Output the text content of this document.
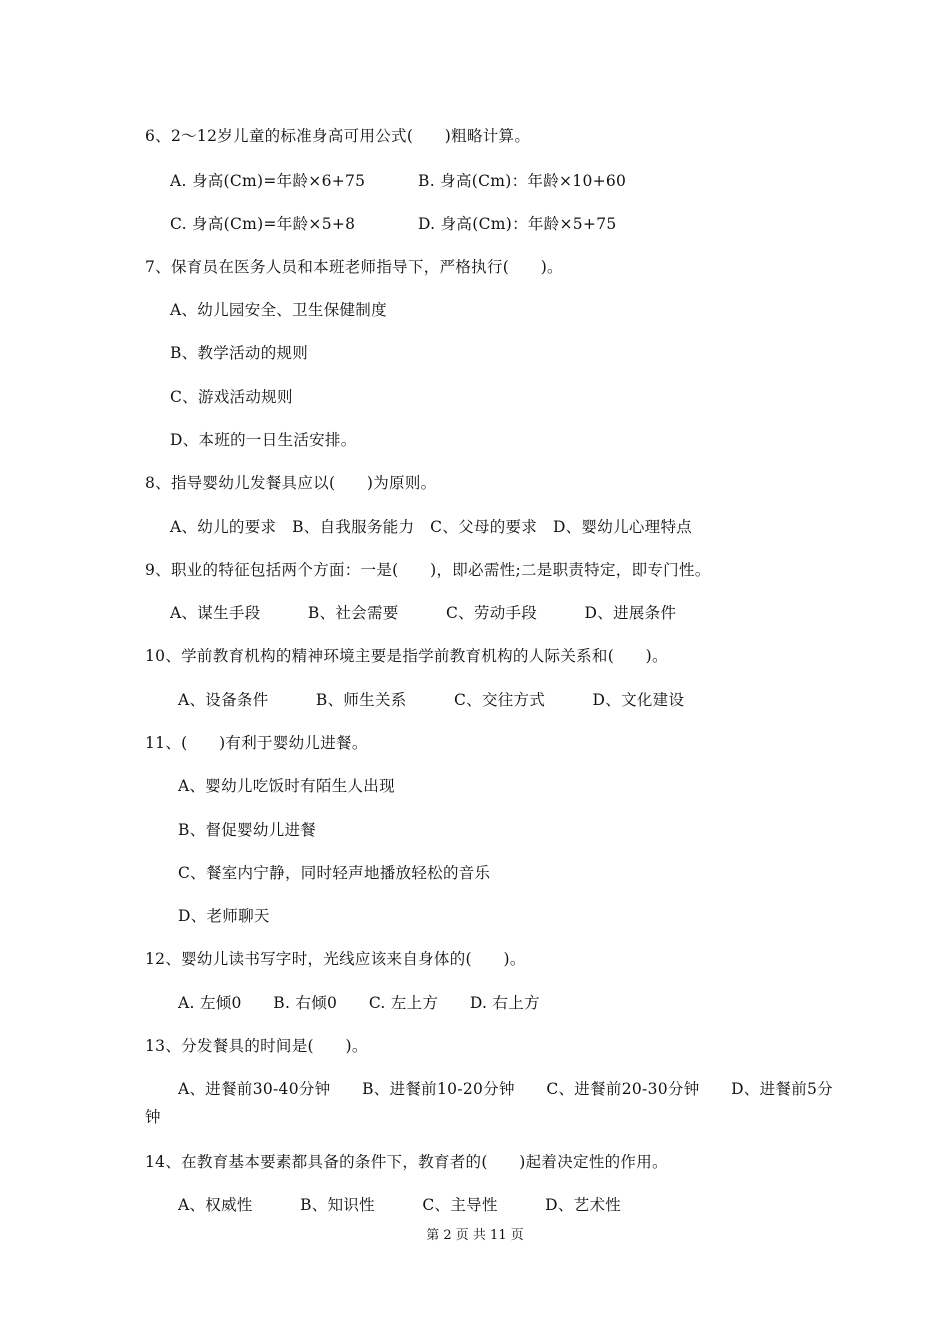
6、2～12岁儿童的标准身高可用公式(　　)粗略计算。
A. 身高(Cm)=年龄×6+75	B. 身高(Cm)：年龄×10+60
C. 身高(Cm)=年龄×5+8	D. 身高(Cm)：年龄×5+75
7、保育员在医务人员和本班老师指导下，严格执行(　　)。
A、幼儿园安全、卫生保健制度
B、教学活动的规则
C、游戏活动规则
D、本班的一日生活安排。
8、指导婴幼儿发餐具应以(　　)为原则。
A、幼儿的要求　B、自我服务能力　C、父母的要求　D、婴幼儿心理特点
9、职业的特征包括两个方面：一是(　　)，即必需性;二是职责特定，即专门性。
A、谋生手段　　　B、社会需要　　　C、劳动手段　　　D、进展条件
10、学前教育机构的精神环境主要是指学前教育机构的人际关系和(　　)。
A、设备条件　　　B、师生关系　　　C、交往方式　　　D、文化建设
11、(　　)有利于婴幼儿进餐。
A、婴幼儿吃饭时有陌生人出现
B、督促婴幼儿进餐
C、餐室内宁静，同时轻声地播放轻松的音乐
D、老师聊天
12、婴幼儿读书写字时，光线应该来自身体的(　　)。
A. 左倾0　　B. 右倾0　　C. 左上方　　D. 右上方
13、分发餐具的时间是(　　)。
A、进餐前30-40分钟　　B、进餐前10-20分钟　　C、进餐前20-30分钟　　D、进餐前5分
钟
14、在教育基本要素都具备的条件下，教育者的(　　)起着决定性的作用。
A、权威性　　　B、知识性　　　C、主导性　　　D、艺术性
第 2 页 共 11 页
